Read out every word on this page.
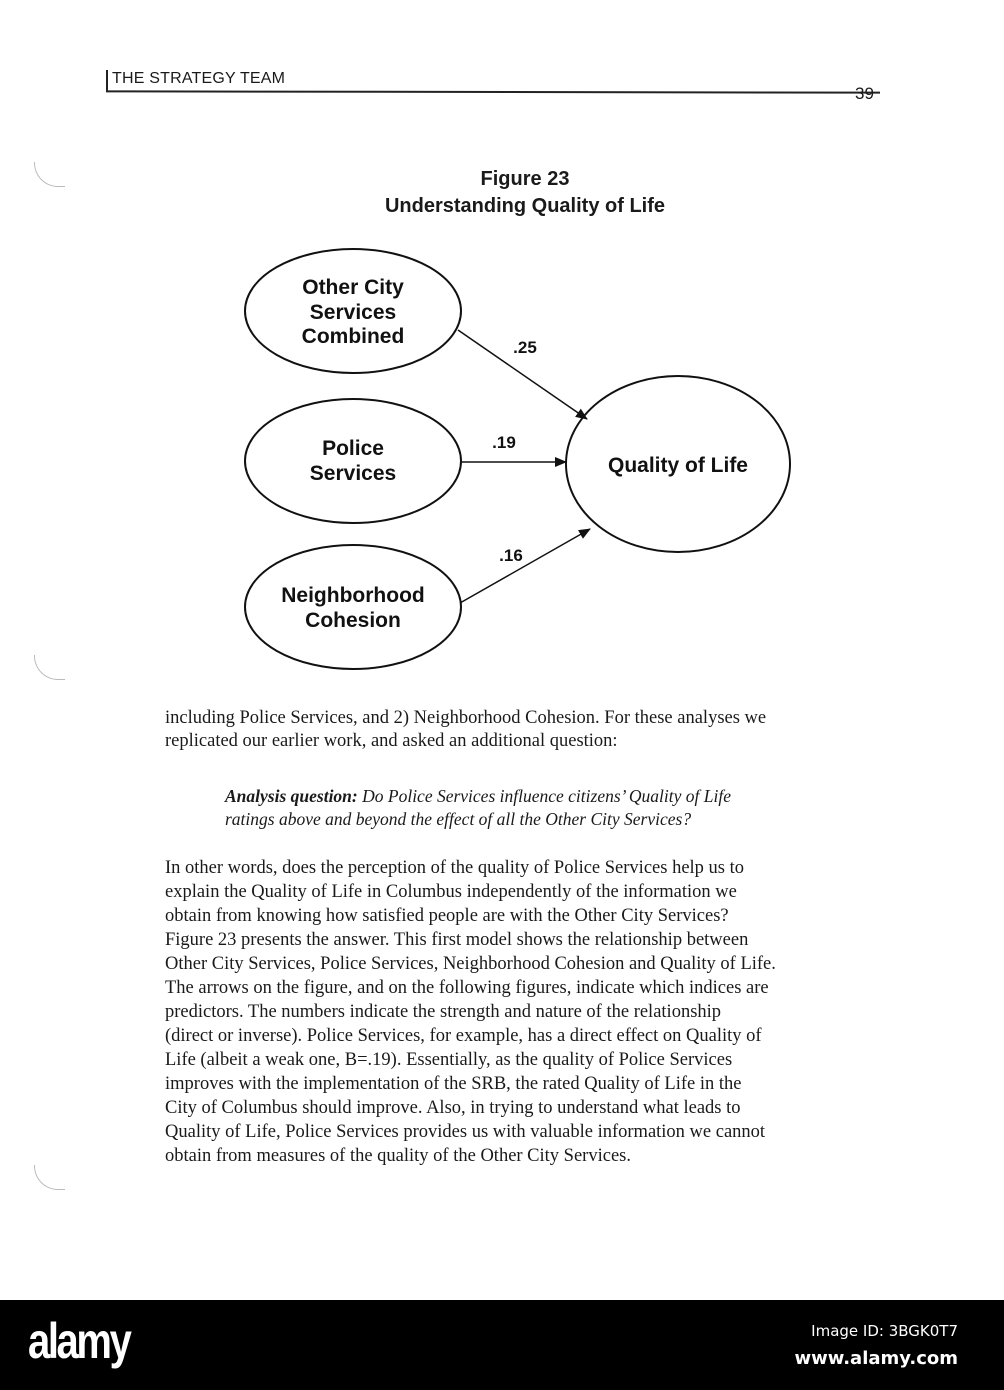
THE STRATEGY TEAM
39
Figure 23
Understanding Quality of Life
Other City
Services
Combined
Police
Services
Neighborhood
Cohesion
Quality of Life
.25
.19
.16
including Police Services, and 2) Neighborhood Cohesion. For these analyses we
replicated our earlier work, and asked an additional question:
Analysis question: Do Police Services influence citizens’ Quality of Life
ratings above and beyond the effect of all the Other City Services?
In other words, does the perception of the quality of Police Services help us to
explain the Quality of Life in Columbus independently of the information we
obtain from knowing how satisfied people are with the Other City Services?
Figure 23 presents the answer. This first model shows the relationship between
Other City Services, Police Services, Neighborhood Cohesion and Quality of Life.
The arrows on the figure, and on the following figures, indicate which indices are
predictors. The numbers indicate the strength and nature of the relationship
(direct or inverse). Police Services, for example, has a direct effect on Quality of
Life (albeit a weak one, B=.19). Essentially, as the quality of Police Services
improves with the implementation of the SRB, the rated Quality of Life in the
City of Columbus should improve. Also, in trying to understand what leads to
Quality of Life, Police Services provides us with valuable information we cannot
obtain from measures of the quality of the Other City Services.
alamy	Image ID: 3BGK0T7
www.alamy.com
